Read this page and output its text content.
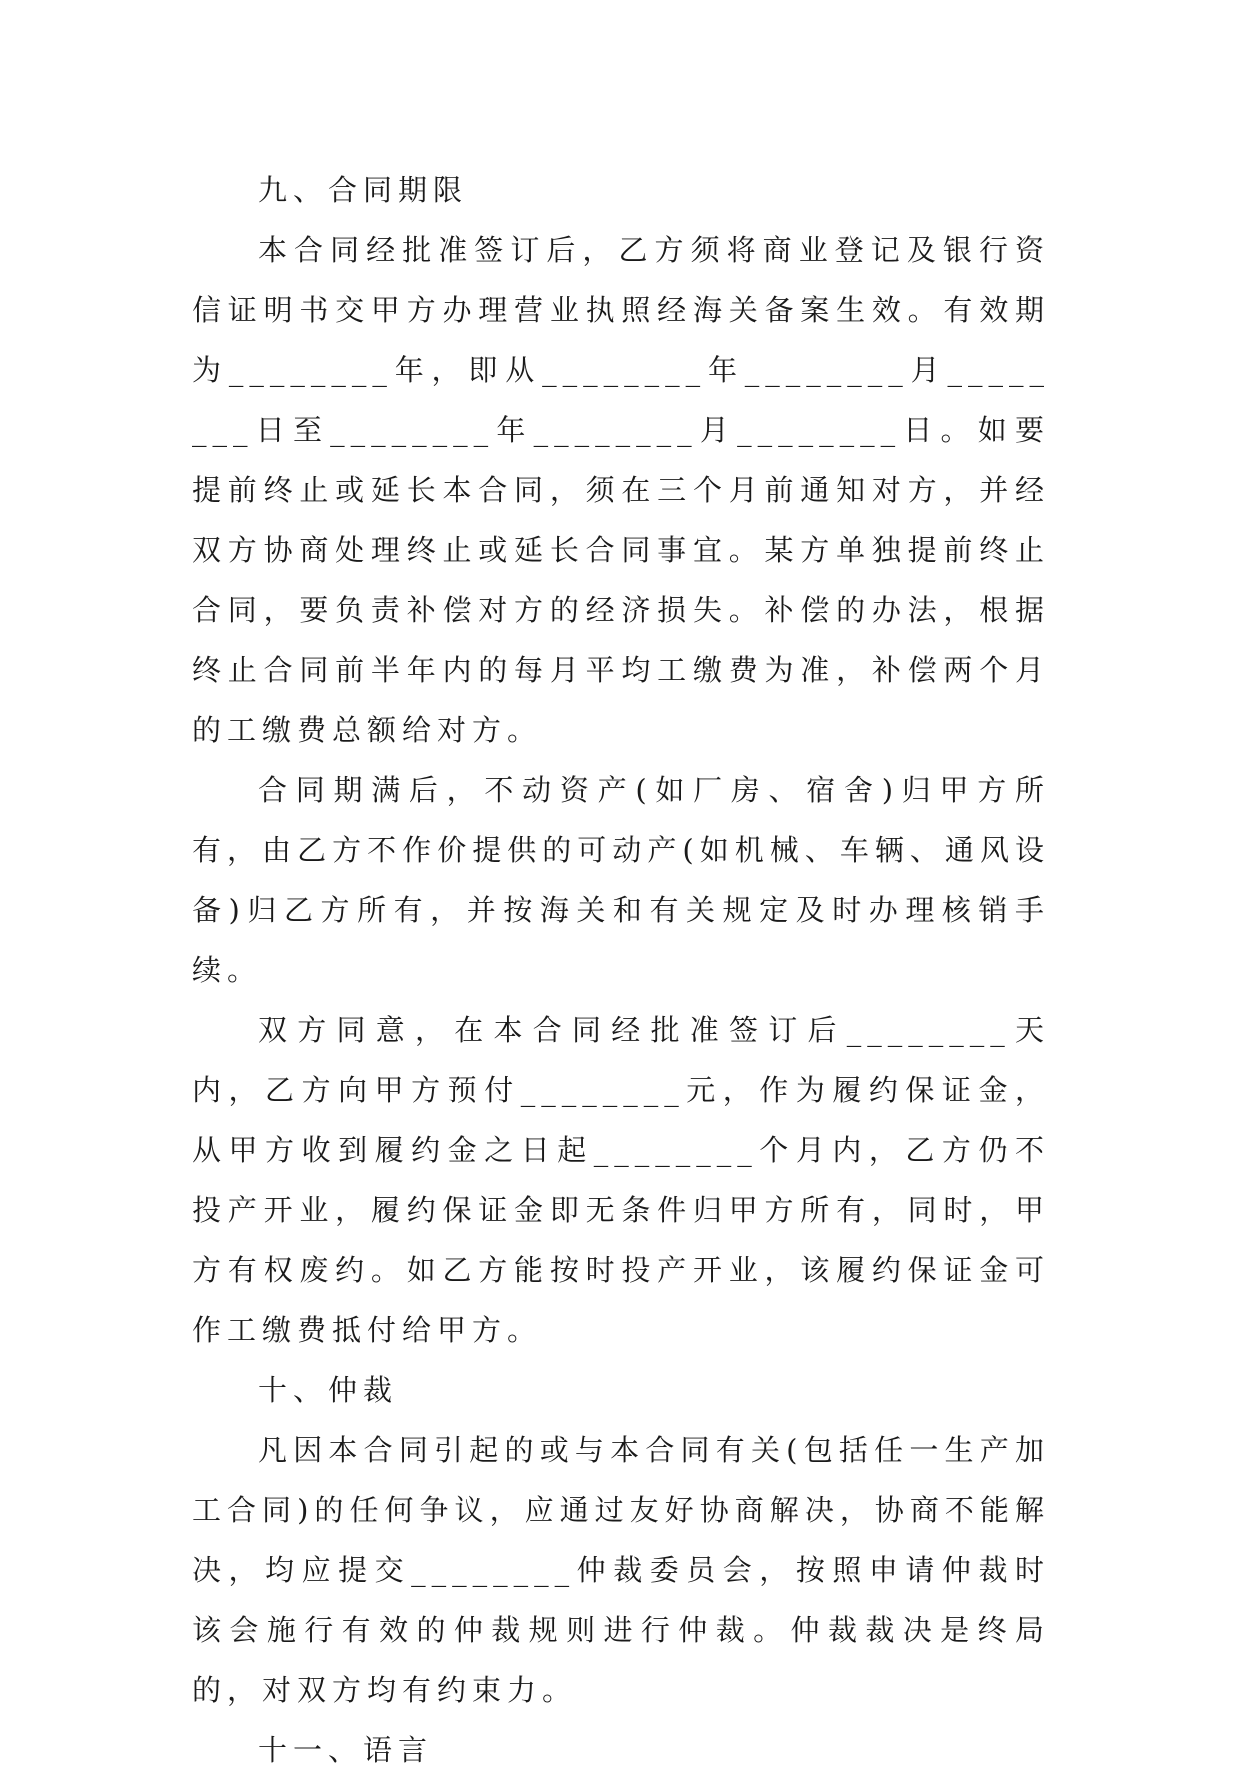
九、合同期限

本合同经批准签订后，乙方须将商业登记及银行资信证明书交甲方办理营业执照经海关备案生效。有效期为________年，即从________年________月________日至________年________月________日。如要提前终止或延长本合同，须在三个月前通知对方，并经双方协商处理终止或延长合同事宜。某方单独提前终止合同，要负责补偿对方的经济损失。补偿的办法，根据终止合同前半年内的每月平均工缴费为准，补偿两个月的工缴费总额给对方。

合同期满后，不动资产(如厂房、宿舍)归甲方所有，由乙方不作价提供的可动产(如机械、车辆、通风设备)归乙方所有，并按海关和有关规定及时办理核销手续。

双方同意，在本合同经批准签订后________天内，乙方向甲方预付________元，作为履约保证金，从甲方收到履约金之日起________个月内，乙方仍不投产开业，履约保证金即无条件归甲方所有，同时，甲方有权废约。如乙方能按时投产开业，该履约保证金可作工缴费抵付给甲方。

十、仲裁

凡因本合同引起的或与本合同有关(包括任一生产加工合同)的任何争议，应通过友好协商解决，协商不能解决，均应提交________仲裁委员会，按照申请仲裁时该会施行有效的仲裁规则进行仲裁。仲裁裁决是终局的，对双方均有约束力。

十一、语言
